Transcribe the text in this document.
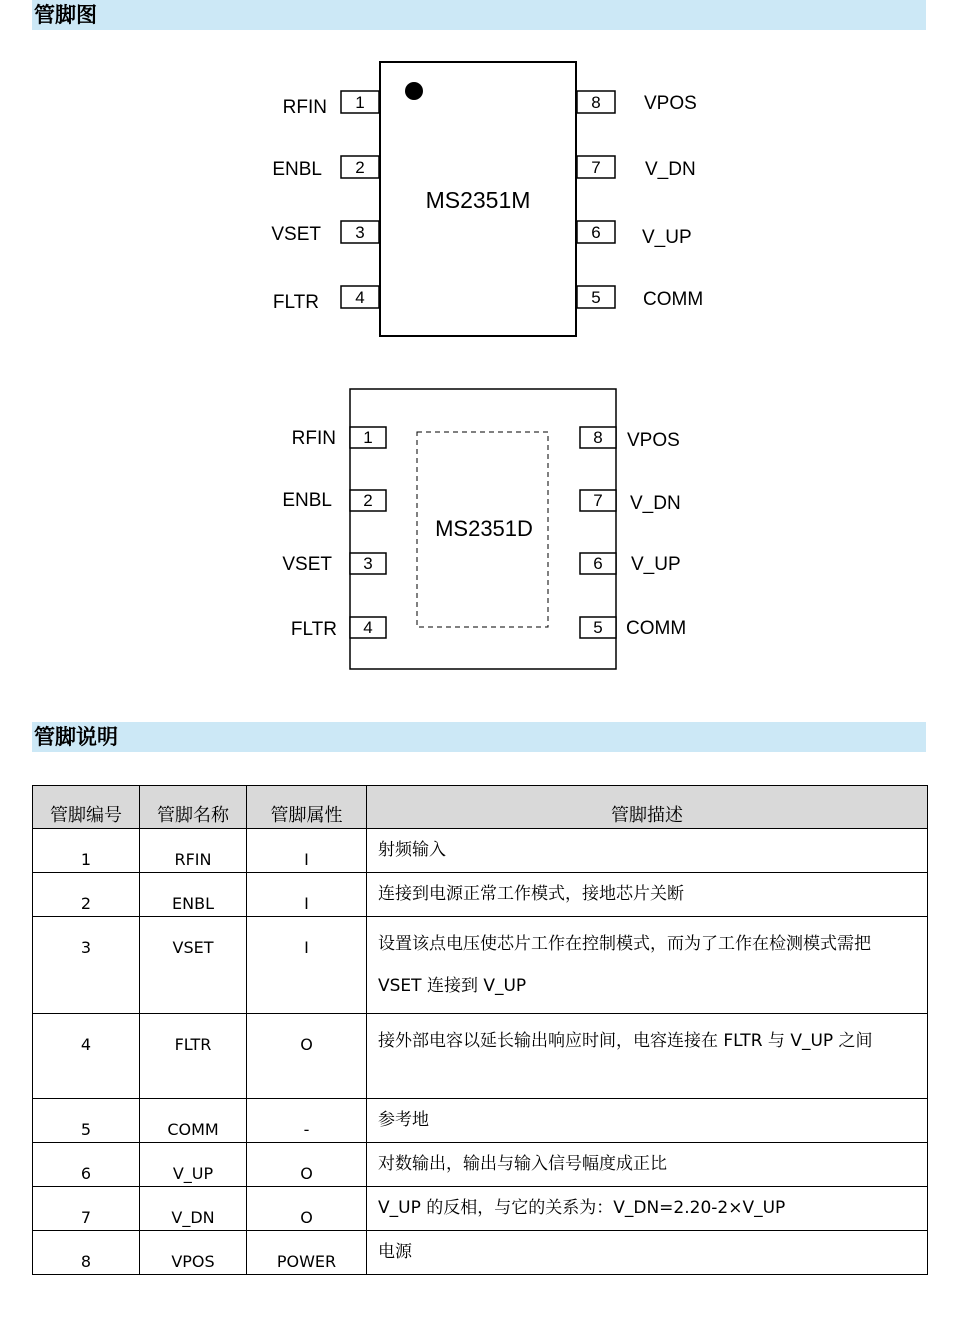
管脚图
MS2351M
1
RFIN
2
ENBL
3
VSET
4
FLTR
8 VPOS
7 V_DN
6 V_UP
5 COMM
MS2351D
1
RFIN
2
ENBL
3
VSET
4
FLTR
8 VPOS
7 V_DN
6 V_UP
5 COMM
管脚说明
管脚编号	管脚名称	管脚属性	管脚描述
1	RFIN	I	射频输入
2	ENBL	I	连接到电源正常工作模式，接地芯片关断
3	VSET	I	设置该点电压使芯片工作在控制模式，而为了工作在检测模式需把 VSET 连接到 V_UP
4	FLTR	O	接外部电容以延长输出响应时间，电容连接在 FLTR 与 V_UP 之间
5	COMM	-	参考地
6	V_UP	O	对数输出，输出与输入信号幅度成正比
7	V_DN	O	V_UP 的反相，与它的关系为：V_DN=2.20-2×V_UP
8	VPOS	POWER	电源
